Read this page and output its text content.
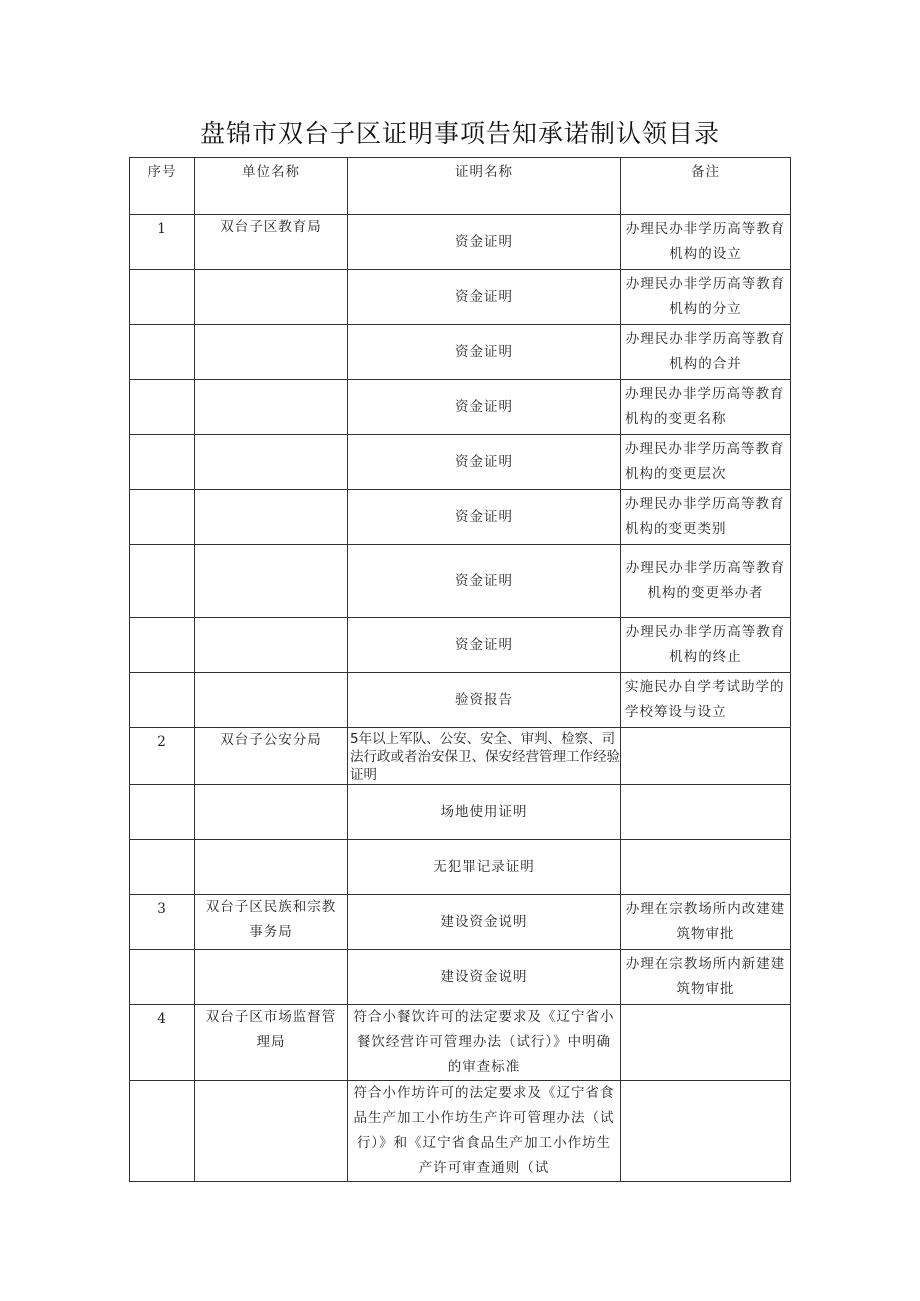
盘锦市双台子区证明事项告知承诺制认领目录
序号	单位名称	证明名称	备注
1	双台子区教育局	资金证明	办理民办非学历高等教育机构的设立
		资金证明	办理民办非学历高等教育机构的分立
		资金证明	办理民办非学历高等教育机构的合并
		资金证明	办理民办非学历高等教育机构的变更名称
		资金证明	办理民办非学历高等教育机构的变更层次
		资金证明	办理民办非学历高等教育机构的变更类别
		资金证明	办理民办非学历高等教育机构的变更举办者
		资金证明	办理民办非学历高等教育机构的终止
		验资报告	实施民办自学考试助学的学校筹设与设立
2	双台子公安分局	5年以上军队、公安、安全、审判、检察、司法行政或者治安保卫、保安经营管理工作经验证明	
		场地使用证明	
		无犯罪记录证明	
3	双台子区民族和宗教事务局	建设资金说明	办理在宗教场所内改建建筑物审批
		建设资金说明	办理在宗教场所内新建建筑物审批
4	双台子区市场监督管理局	符合小餐饮许可的法定要求及《辽宁省小餐饮经营许可管理办法（试行）》中明确的审查标准	
		符合小作坊许可的法定要求及《辽宁省食品生产加工小作坊生产许可管理办法（试行）》和《辽宁省食品生产加工小作坊生产许可审查通则（试	
